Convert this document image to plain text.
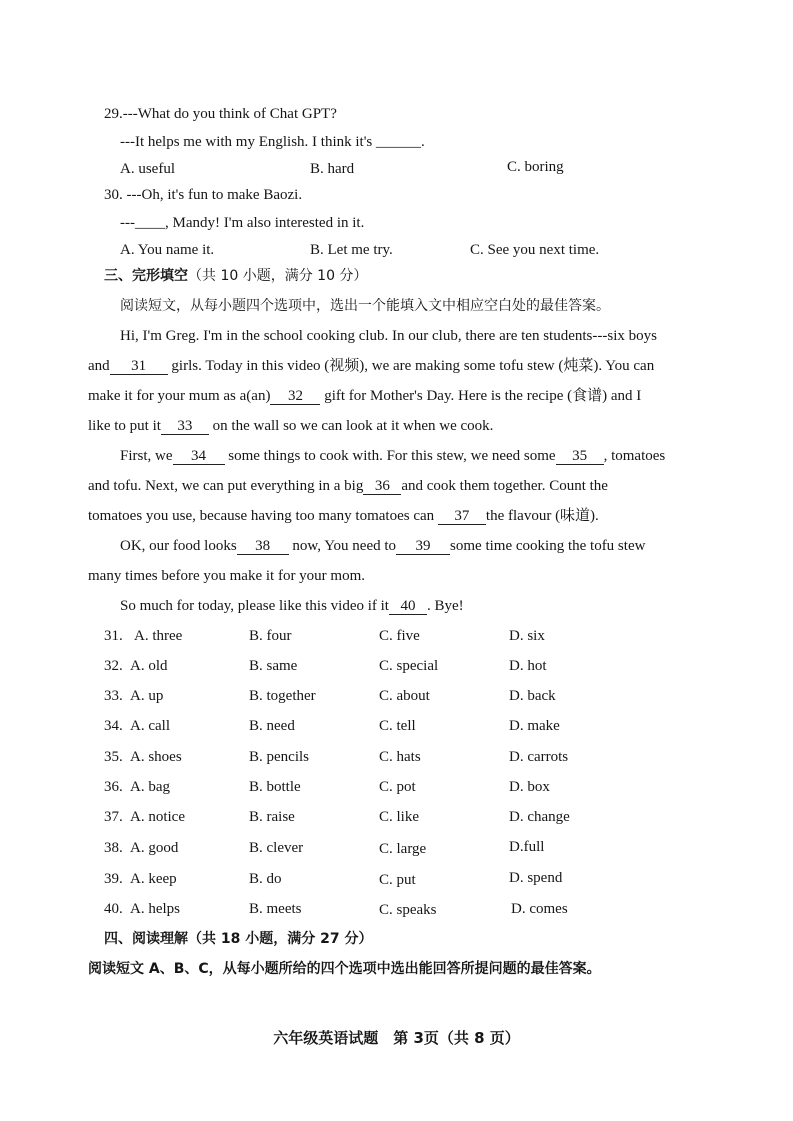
29.---What do you think of Chat GPT?
---It helps me with my English. I think it's ______.
A. useful	B. hard	C. boring
30. ---Oh, it's fun to make Baozi.
---____, Mandy! I'm also interested in it.
A. You name it.	B. Let me try.	C. See you next time.
三、完形填空（共 10 小题，满分 10 分）
阅读短文，从每小题四个选项中，选出一个能填入文中相应空白处的最佳答案。
Hi, I'm Greg. I'm in the school cooking club. In our club, there are ten students---six boys
and 31 girls. Today in this video (视频), we are making some tofu stew (炖菜). You can
make it for your mum as a(an) 32 gift for Mother's Day. Here is the recipe (食谱) and I
like to put it 33 on the wall so we can look at it when we cook.
First, we 34 some things to cook with. For this stew, we need some 35 , tomatoes
and tofu. Next, we can put everything in a big 36 and cook them together. Count the
tomatoes you use, because having too many tomatoes can 37 the flavour (味道).
OK, our food looks 38 now, You need to 39 some time cooking the tofu stew
many times before you make it for your mom.
So much for today, please like this video if it 40 . Bye!
31. A. three	B. four	C. five	D. six
32. A. old	B. same	C. special	D. hot
33. A. up	B. together	C. about	D. back
34. A. call	B. need	C. tell	D. make
35. A. shoes	B. pencils	C. hats	D. carrots
36. A. bag	B. bottle	C. pot	D. box
37. A. notice	B. raise	C. like	D. change
38. A. good	B. clever	C. large	D.full
39. A. keep	B. do	C. put	D. spend
40. A. helps	B. meets	C. speaks	D. comes
四、阅读理解（共 18 小题，满分 27 分）
阅读短文 A、B、C，从每小题所给的四个选项中选出能回答所提问题的最佳答案。
六年级英语试题　第 3页（共 8 页）
